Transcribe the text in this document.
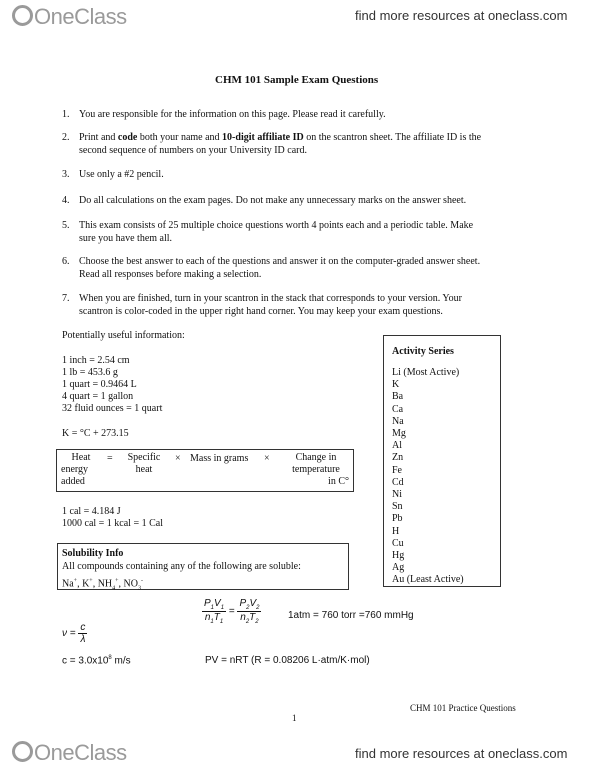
OneClass	find more resources at oneclass.com
CHM 101 Sample Exam Questions
1. You are responsible for the information on this page. Please read it carefully.
2. Print and code both your name and 10-digit affiliate ID on the scantron sheet. The affiliate ID is the
second sequence of numbers on your University ID card.
3. Use only a #2 pencil.
4. Do all calculations on the exam pages. Do not make any unnecessary marks on the answer sheet.
5. This exam consists of 25 multiple choice questions worth 4 points each and a periodic table. Make
sure you have them all.
6. Choose the best answer to each of the questions and answer it on the computer-graded answer sheet.
Read all responses before making a selection.
7. When you are finished, turn in your scantron in the stack that corresponds to your version. Your
scantron is color-coded in the upper right hand corner. You may keep your exam questions.
Potentially useful information:
1 inch = 2.54 cm
1 lb = 453.6 g
1 quart = 0.9464 L
4 quart = 1 gallon
32 fluid ounces = 1 quart
K = °C + 273.15
Heat
energy
added
=	Specific
heat
× Mass in grams ×	Change in
temperature
in C°
1 cal = 4.184 J
1000 cal = 1 kcal = 1 Cal
Solubility Info
All compounds containing any of the following are soluble:
Na+, K+, $NH_4^+$, $NO_3^-$
Activity Series
Li (Most Active)
K
Ba
Ca
Na
Mg
Al
Zn
Fe
Cd
Ni
Sn
Pb
H
Cu
Hg
Ag
Au (Least Active)
$\frac{P_1V_1}{n_1T_1} = \frac{P_2V_2}{n_2T_2}$	1atm = 760 torr =760 mmHg
$\nu = \frac{c}{\lambda}$
$c = 3.0x10^8$ m/s	PV = nRT (R = 0.08206 L·atm/K·mol)
CHM 101 Practice Questions
1
OneClass	find more resources at oneclass.com
